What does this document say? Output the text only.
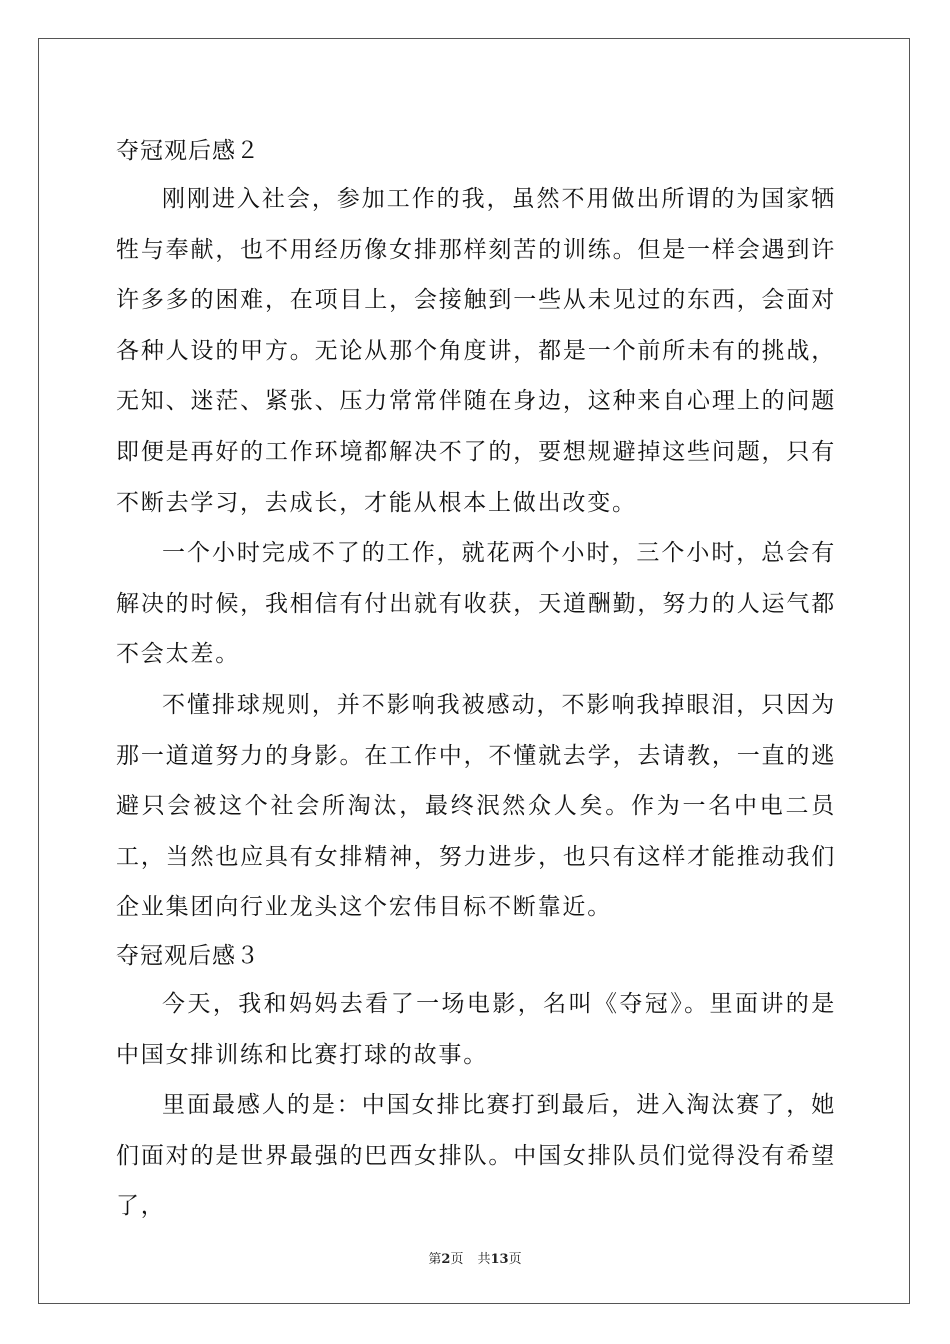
夺冠观后感２

刚刚进入社会，参加工作的我，虽然不用做出所谓的为国家牺牲与奉献，也不用经历像女排那样刻苦的训练。但是一样会遇到许许多多的困难，在项目上，会接触到一些从未见过的东西，会面对各种人设的甲方。无论从那个角度讲，都是一个前所未有的挑战，无知、迷茫、紧张、压力常常伴随在身边，这种来自心理上的问题即便是再好的工作环境都解决不了的，要想规避掉这些问题，只有不断去学习，去成长，才能从根本上做出改变。

一个小时完成不了的工作，就花两个小时，三个小时，总会有解决的时候，我相信有付出就有收获，天道酬勤，努力的人运气都不会太差。

不懂排球规则，并不影响我被感动，不影响我掉眼泪，只因为那一道道努力的身影。在工作中，不懂就去学，去请教，一直的逃避只会被这个社会所淘汰，最终泯然众人矣。作为一名中电二员工，当然也应具有女排精神，努力进步，也只有这样才能推动我们企业集团向行业龙头这个宏伟目标不断靠近。

夺冠观后感３

今天，我和妈妈去看了一场电影，名叫《夺冠》。里面讲的是中国女排训练和比赛打球的故事。

里面最感人的是：中国女排比赛打到最后，进入淘汰赛了，她们面对的是世界最强的巴西女排队。中国女排队员们觉得没有希望了，

第2页 共13页
